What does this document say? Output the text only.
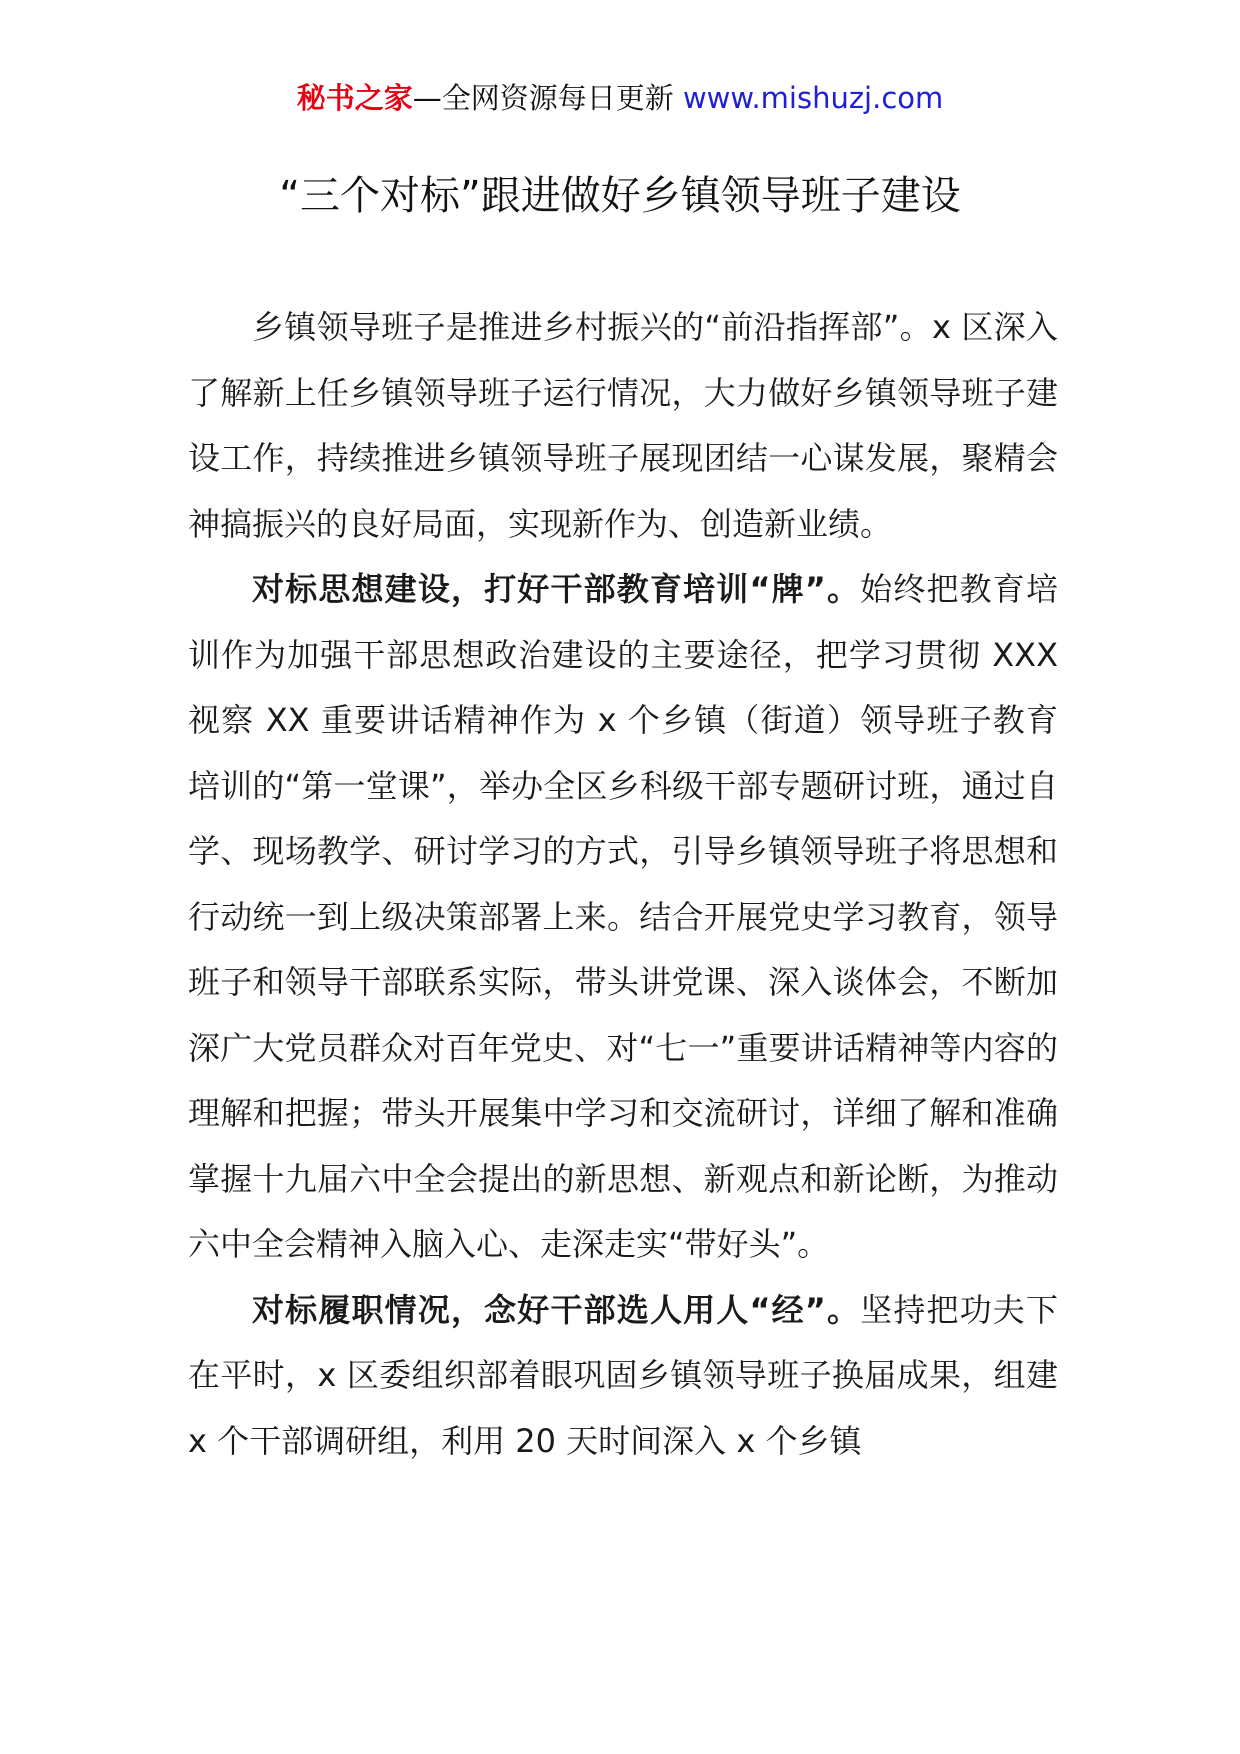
秘书之家—全网资源每日更新 www.mishuzj.com
“三个对标”跟进做好乡镇领导班子建设

乡镇领导班子是推进乡村振兴的“前沿指挥部”。x 区深入了解新上任乡镇领导班子运行情况，大力做好乡镇领导班子建设工作，持续推进乡镇领导班子展现团结一心谋发展，聚精会神搞振兴的良好局面，实现新作为、创造新业绩。

对标思想建设，打好干部教育培训“牌”。始终把教育培训作为加强干部思想政治建设的主要途径，把学习贯彻 XXX 视察 XX 重要讲话精神作为 x 个乡镇（街道）领导班子教育培训的“第一堂课”，举办全区乡科级干部专题研讨班，通过自学、现场教学、研讨学习的方式，引导乡镇领导班子将思想和行动统一到上级决策部署上来。结合开展党史学习教育，领导班子和领导干部联系实际，带头讲党课、深入谈体会，不断加深广大党员群众对百年党史、对“七一”重要讲话精神等内容的理解和把握；带头开展集中学习和交流研讨，详细了解和准确掌握十九届六中全会提出的新思想、新观点和新论断，为推动六中全会精神入脑入心、走深走实“带好头”。

对标履职情况，念好干部选人用人“经”。坚持把功夫下在平时，x 区委组织部着眼巩固乡镇领导班子换届成果，组建 x 个干部调研组，利用 20 天时间深入 x 个乡镇
